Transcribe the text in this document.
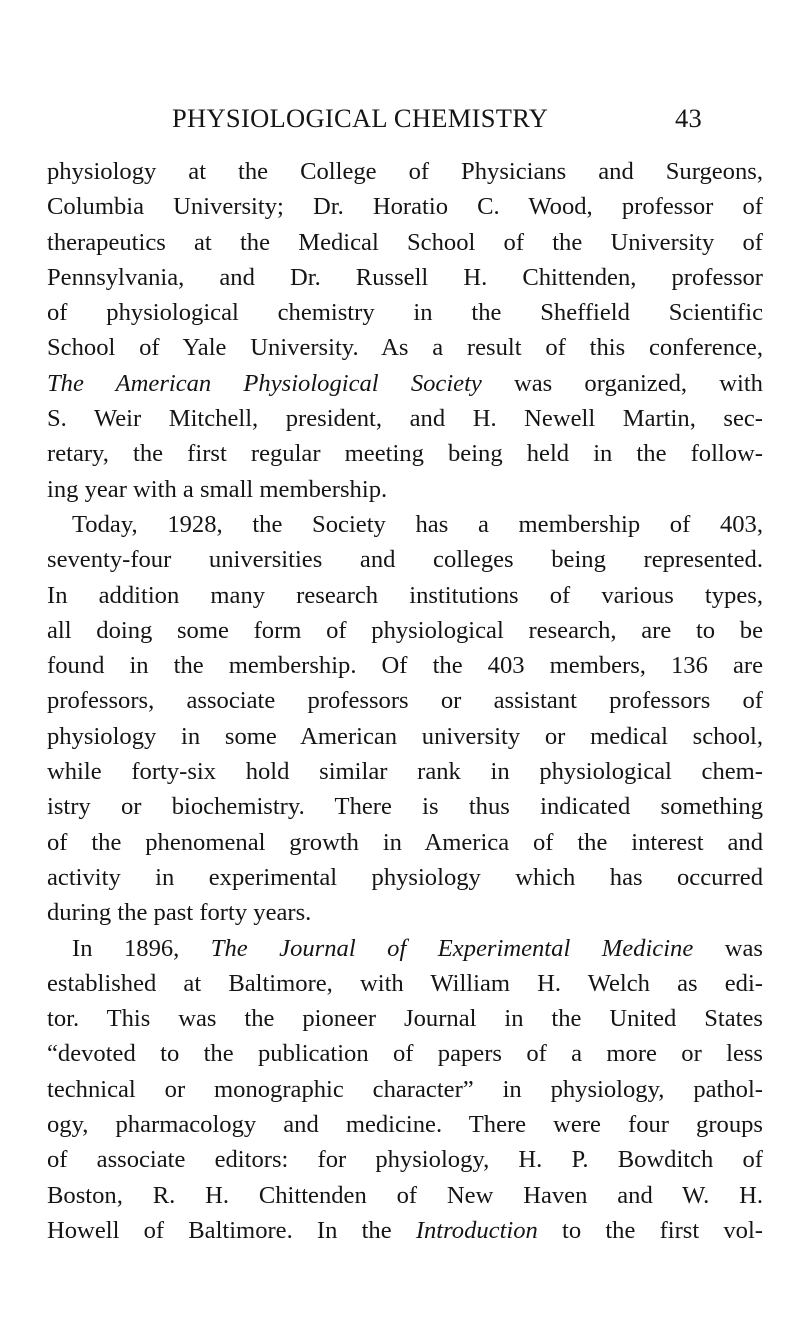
PHYSIOLOGICAL CHEMISTRY	43
physiology at the College of Physicians and Surgeons,
Columbia University; Dr. Horatio C. Wood, professor of
therapeutics at the Medical School of the University of
Pennsylvania, and Dr. Russell H. Chittenden, professor
of physiological chemistry in the Sheffield Scientific
School of Yale University. As a result of this conference,
The American Physiological Society was organized, with
S. Weir Mitchell, president, and H. Newell Martin, sec-
retary, the first regular meeting being held in the follow-
ing year with a small membership.
Today, 1928, the Society has a membership of 403,
seventy-four universities and colleges being represented.
In addition many research institutions of various types,
all doing some form of physiological research, are to be
found in the membership. Of the 403 members, 136 are
professors, associate professors or assistant professors of
physiology in some American university or medical school,
while forty-six hold similar rank in physiological chem-
istry or biochemistry. There is thus indicated something
of the phenomenal growth in America of the interest and
activity in experimental physiology which has occurred
during the past forty years.
In 1896, The Journal of Experimental Medicine was
established at Baltimore, with William H. Welch as edi-
tor. This was the pioneer Journal in the United States
“devoted to the publication of papers of a more or less
technical or monographic character” in physiology, pathol-
ogy, pharmacology and medicine. There were four groups
of associate editors: for physiology, H. P. Bowditch of
Boston, R. H. Chittenden of New Haven and W. H.
Howell of Baltimore. In the Introduction to the first vol-
